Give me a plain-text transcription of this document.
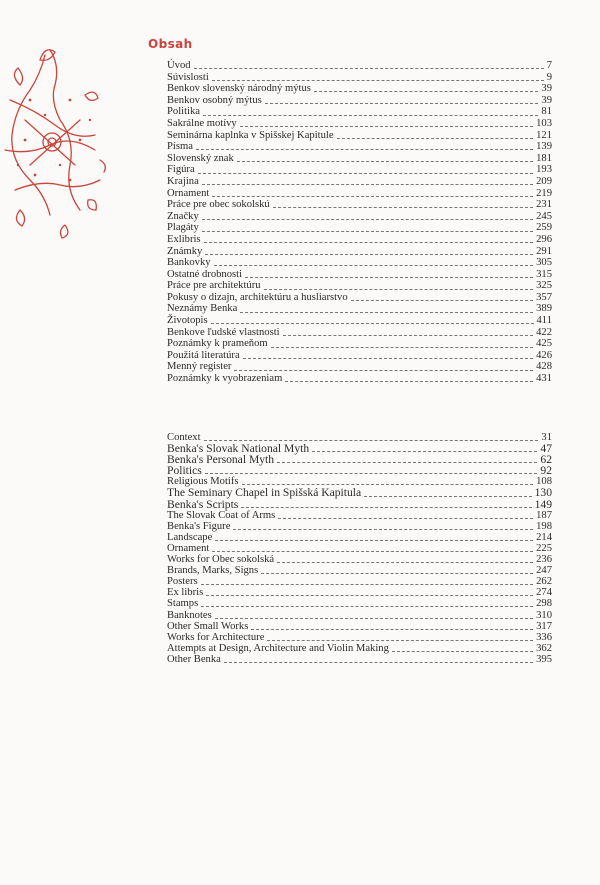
Obsah
Úvod	7
Súvislosti	9
Benkov slovenský národný mýtus	39
Benkov osobný mýtus	39
Politika	81
Sakrálne motívy	103
Seminárna kaplnka v Spišskej Kapitule	121
Písma	139
Slovenský znak	181
Figúra	193
Krajina	209
Ornament	219
Práce pre obec sokolskú	231
Značky	245
Plagáty	259
Exlibris	296
Známky	291
Bankovky	305
Ostatné drobnosti	315
Práce pre architektúru	325
Pokusy o dizajn, architektúru a husliarstvo	357
Neznámy Benka	389
Životopis	411
Benkove ľudské vlastnosti	422
Poznámky k prameňom	425
Použitá literatúra	426
Menný register	428
Poznámky k vyobrazeniam	431
Context	31
Benka's Slovak National Myth	47
Benka's Personal Myth	62
Politics	92
Religious Motifs	108
The Seminary Chapel in Spišská Kapitula	130
Benka's Scripts	149
The Slovak Coat of Arms	187
Benka's Figure	198
Landscape	214
Ornament	225
Works for Obec sokolská	236
Brands, Marks, Signs	247
Posters	262
Ex libris	274
Stamps	298
Banknotes	310
Other Small Works	317
Works for Architecture	336
Attempts at Design, Architecture and Violin Making	362
Other Benka	395
